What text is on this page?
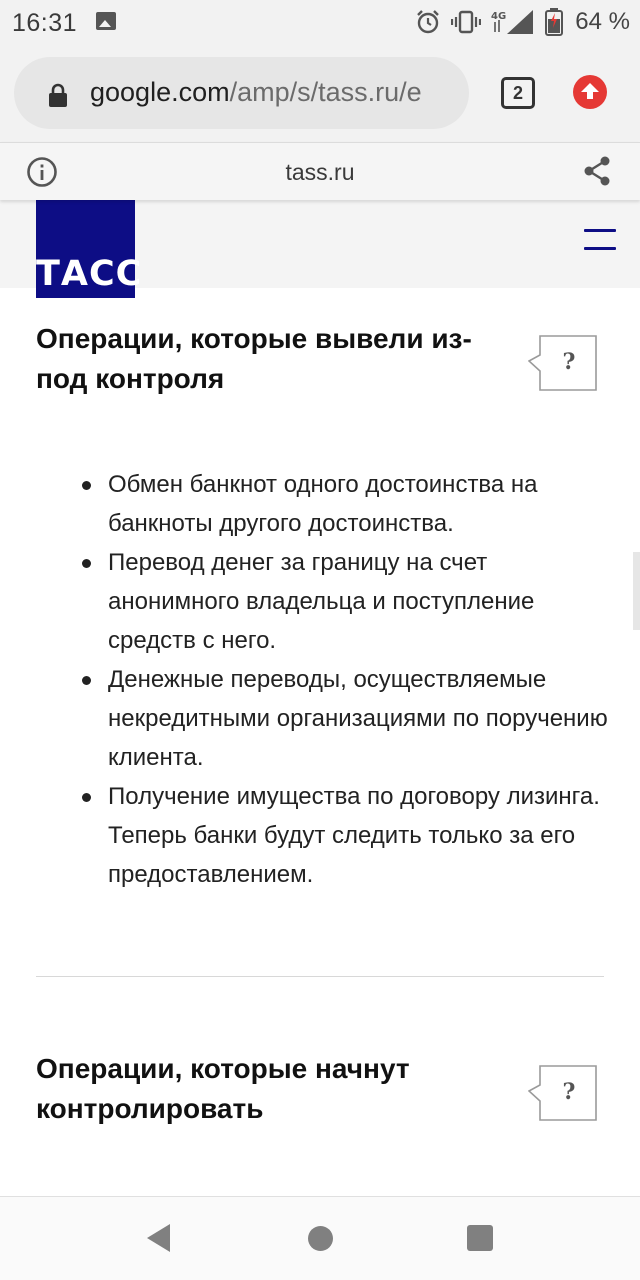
16:31	4G	64 %
google.com/amp/s/tass.ru/e	2
tass.ru
ТАСС
Операции, которые вывели из-под контроля
?
Обмен банкнот одного достоинства на банкноты другого достоинства.
Перевод денег за границу на счет анонимного владельца и поступление средств с него.
Денежные переводы, осуществляемые некредитными организациями по поручению клиента.
Получение имущества по договору лизинга. Теперь банки будут следить только за его предоставлением.
Операции, которые начнут контролировать
?
